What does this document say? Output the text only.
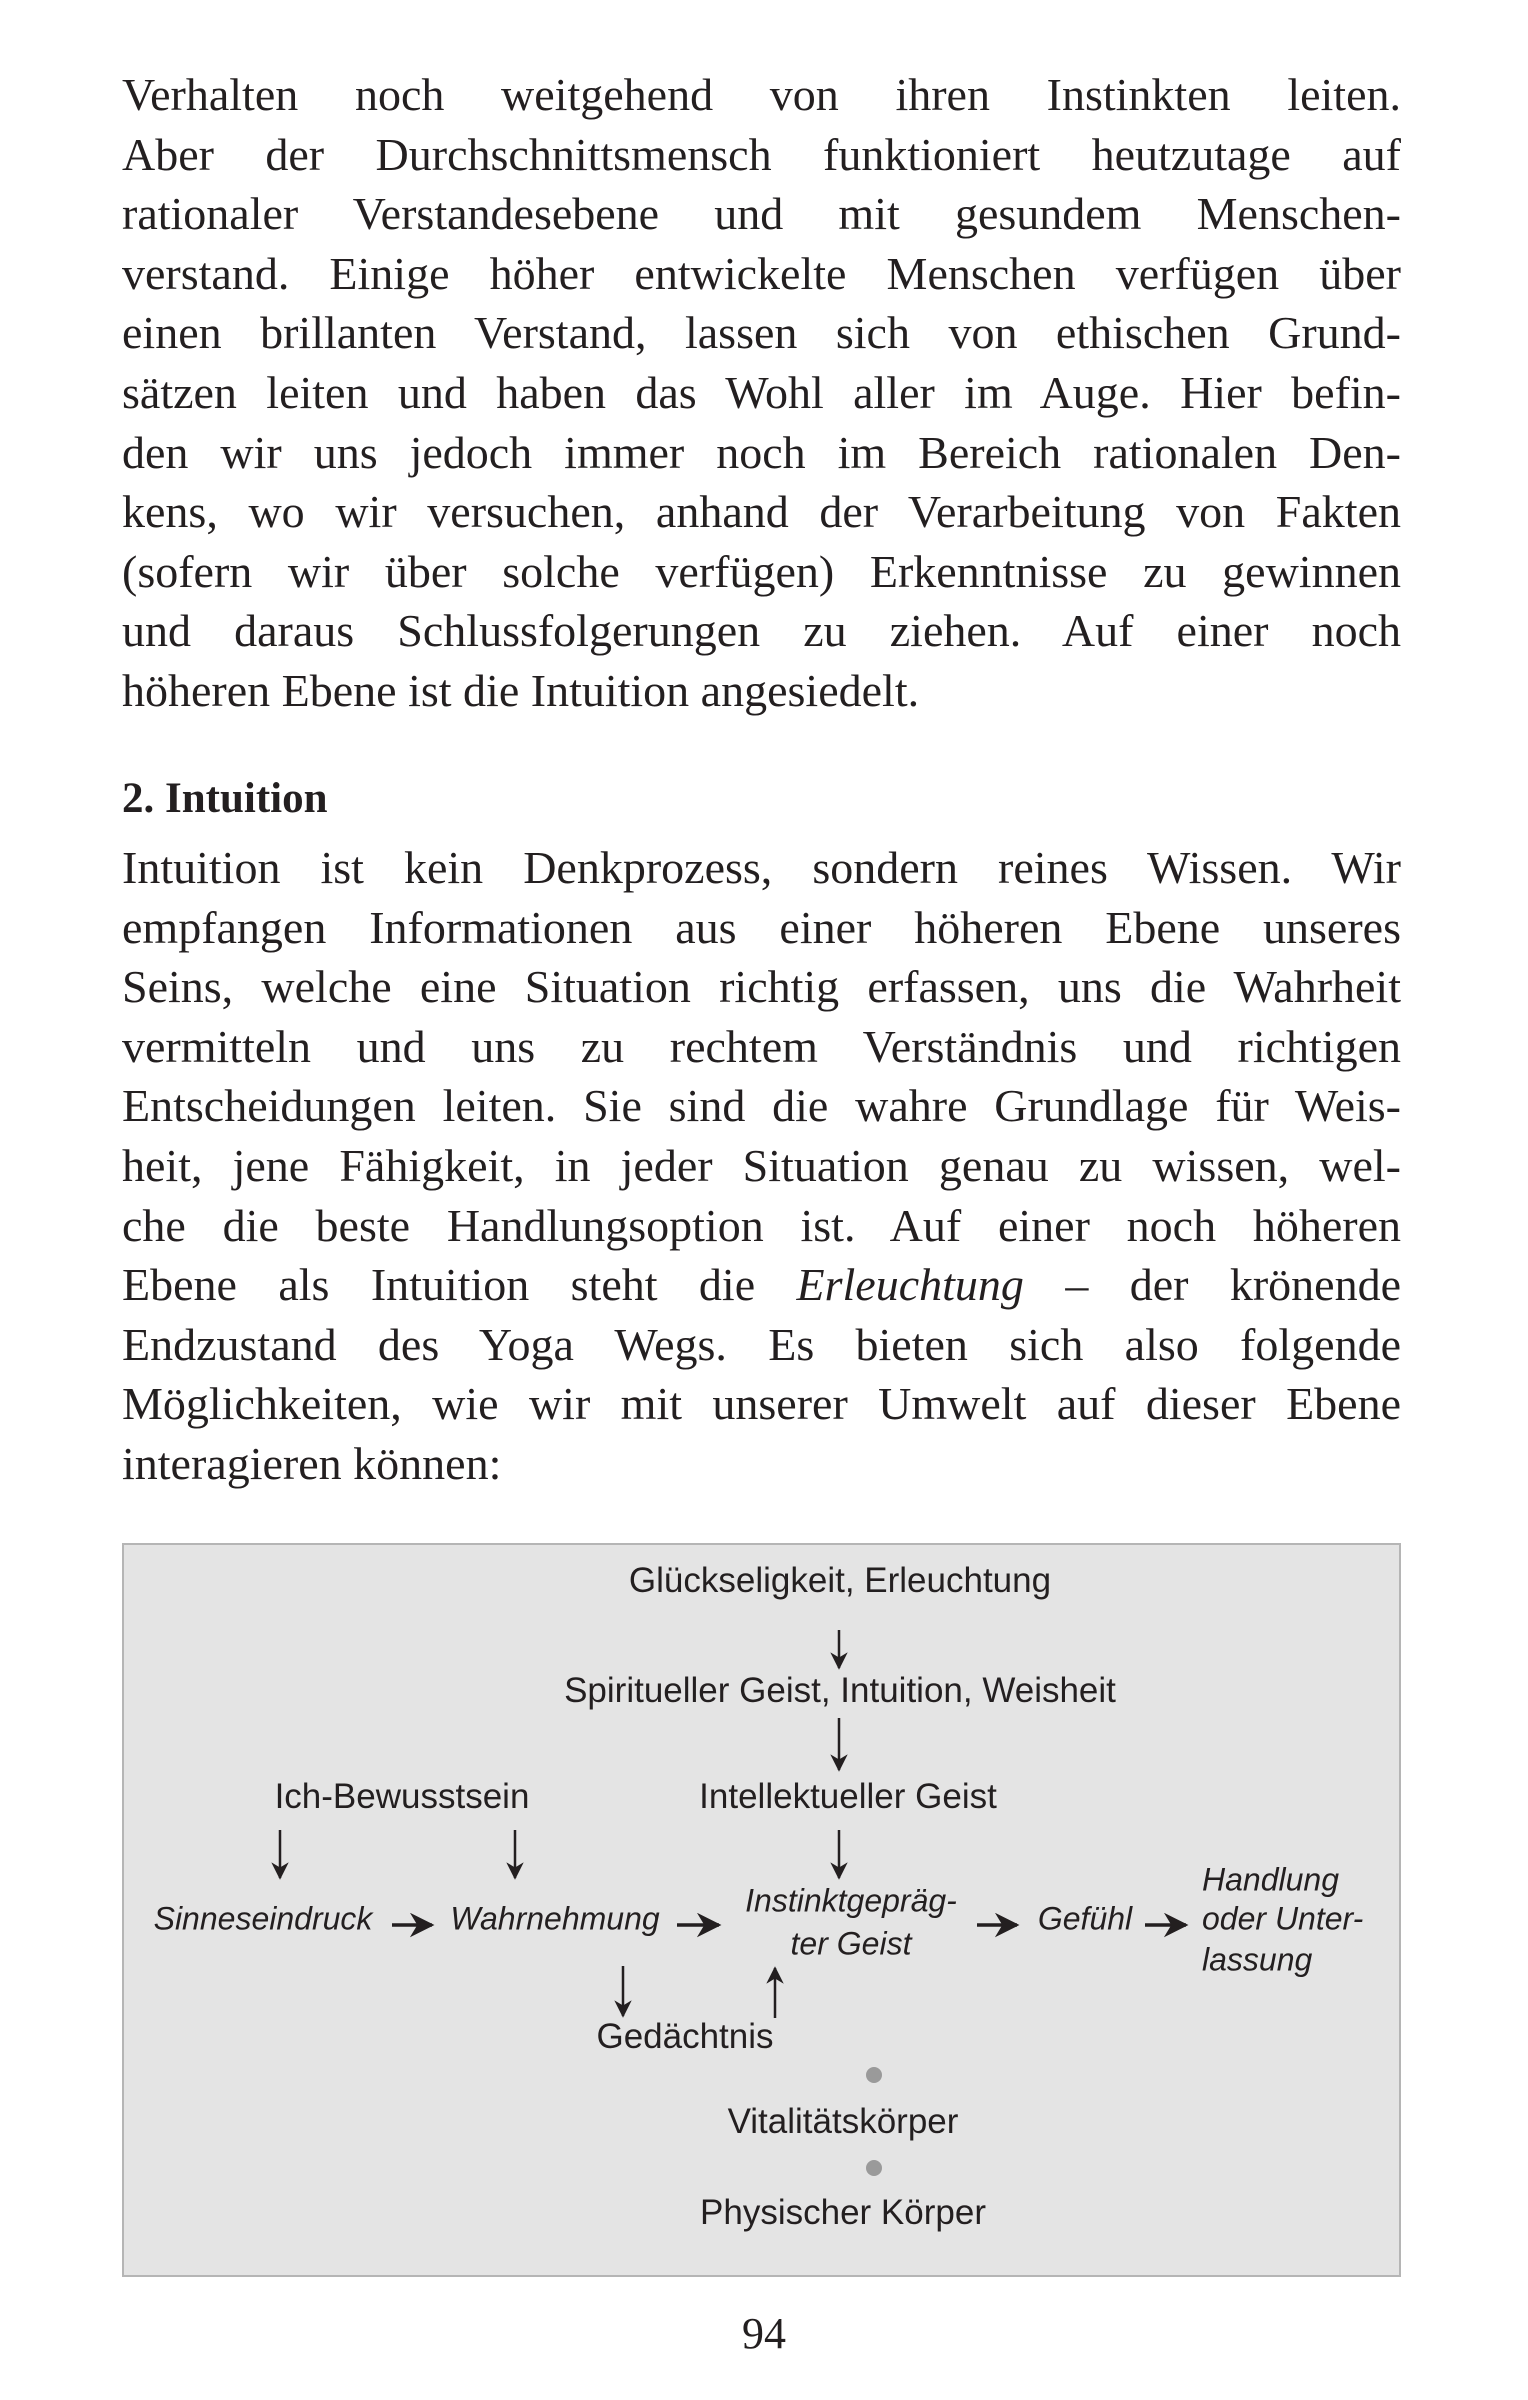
Verhalten noch weitgehend von ihren Instinkten leiten.
Aber der Durchschnittsmensch funktioniert heutzutage auf
rationaler Verstandesebene und mit gesundem Menschen-
verstand. Einige höher entwickelte Menschen verfügen über
einen brillanten Verstand, lassen sich von ethischen Grund-
sätzen leiten und haben das Wohl aller im Auge. Hier befin-
den wir uns jedoch immer noch im Bereich rationalen Den-
kens, wo wir versuchen, anhand der Verarbeitung von Fakten
(sofern wir über solche verfügen) Erkenntnisse zu gewinnen
und daraus Schlussfolgerungen zu ziehen. Auf einer noch
höheren Ebene ist die Intuition angesiedelt.
2. Intuition
Intuition ist kein Denkprozess, sondern reines Wissen. Wir
empfangen Informationen aus einer höheren Ebene unseres
Seins, welche eine Situation richtig erfassen, uns die Wahrheit
vermitteln und uns zu rechtem Verständnis und richtigen
Entscheidungen leiten. Sie sind die wahre Grundlage für Weis-
heit, jene Fähigkeit, in jeder Situation genau zu wissen, wel-
che die beste Handlungsoption ist. Auf einer noch höheren
Ebene als Intuition steht die Erleuchtung – der krönende
Endzustand des Yoga Wegs. Es bieten sich also folgende
Möglichkeiten, wie wir mit unserer Umwelt auf dieser Ebene
interagieren können:
Glückseligkeit, Erleuchtung
Spiritueller Geist, Intuition, Weisheit
Ich-Bewusstsein	Intellektueller Geist
Sinneseindruck Wahrnehmung	Instinktgepräg-
ter Geist
Gefühl
Handlung
oder Unter-
lassung
Gedächtnis
Vitalitätskörper
Physischer Körper
94
